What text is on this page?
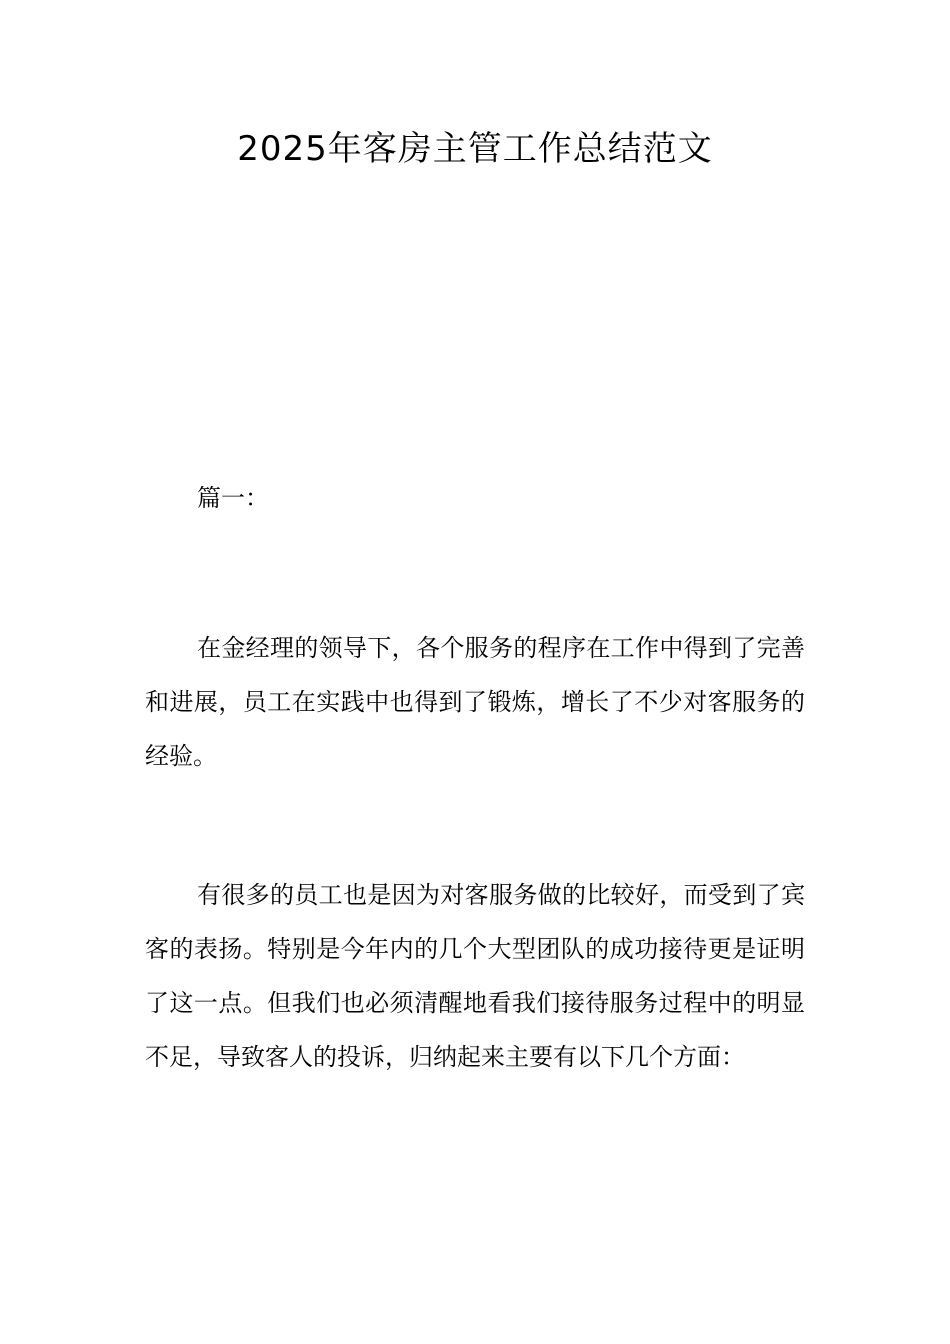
2025年客房主管工作总结范文

篇一：

在金经理的领导下，各个服务的程序在工作中得到了完善和进展，员工在实践中也得到了锻炼，增长了不少对客服务的经验。

有很多的员工也是因为对客服务做的比较好，而受到了宾客的表扬。特别是今年内的几个大型团队的成功接待更是证明了这一点。但我们也必须清醒地看我们接待服务过程中的明显不足，导致客人的投诉，归纳起来主要有以下几个方面：
